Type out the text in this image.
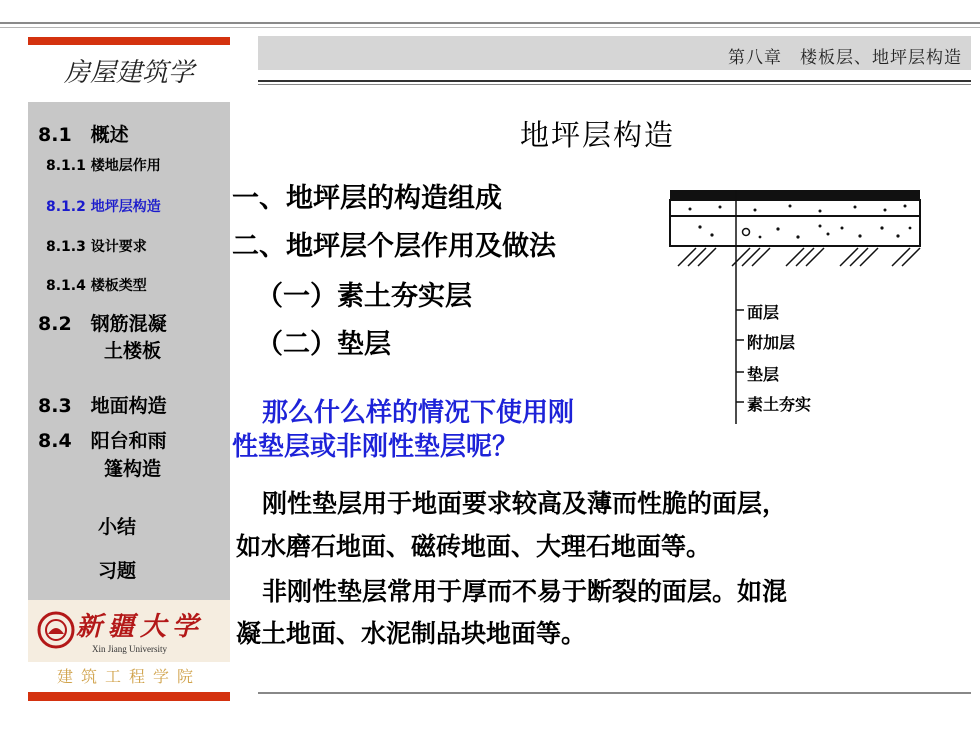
第八章　楼板层、地坪层构造
房屋建筑学
8.1　概述
8.1.1 楼地层作用
8.1.2 地坪层构造
8.1.3 设计要求
8.1.4 楼板类型
8.2　钢筋混凝
土楼板
8.3　地面构造
8.4　阳台和雨
篷构造
小结
习题
新疆大学
Xin Jiang University
建筑工程学院
地坪层构造
一、地坪层的构造组成
二、地坪层个层作用及做法
（一）素土夯实层
（二）垫层
那么什么样的情况下使用刚
性垫层或非刚性垫层呢？
刚性垫层用于地面要求较高及薄而性脆的面层，
如水磨石地面、磁砖地面、大理石地面等。
非刚性垫层常用于厚而不易于断裂的面层。如混
凝土地面、水泥制品块地面等。
面层
附加层
垫层
素土夯实
